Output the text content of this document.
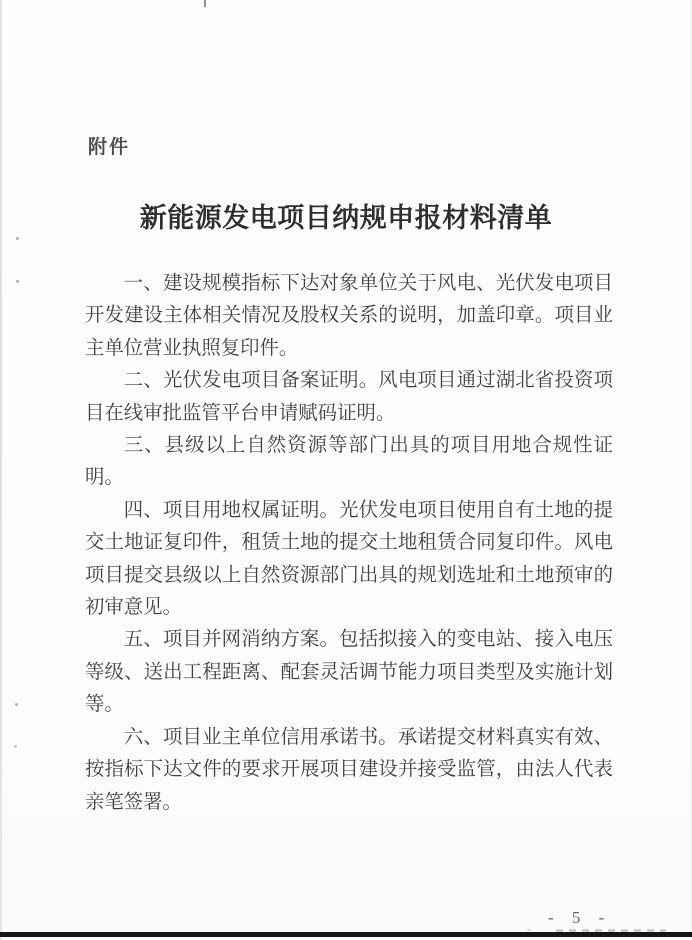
附件
新能源发电项目纳规申报材料清单

一、建设规模指标下达对象单位关于风电、光伏发电项目开发建设主体相关情况及股权关系的说明，加盖印章。项目业主单位营业执照复印件。

二、光伏发电项目备案证明。风电项目通过湖北省投资项目在线审批监管平台申请赋码证明。

三、县级以上自然资源等部门出具的项目用地合规性证明。

四、项目用地权属证明。光伏发电项目使用自有土地的提交土地证复印件，租赁土地的提交土地租赁合同复印件。风电项目提交县级以上自然资源部门出具的规划选址和土地预审的初审意见。

五、项目并网消纳方案。包括拟接入的变电站、接入电压等级、送出工程距离、配套灵活调节能力项目类型及实施计划等。

六、项目业主单位信用承诺书。承诺提交材料真实有效、按指标下达文件的要求开展项目建设并接受监管，由法人代表亲笔签署。

- 5 -
